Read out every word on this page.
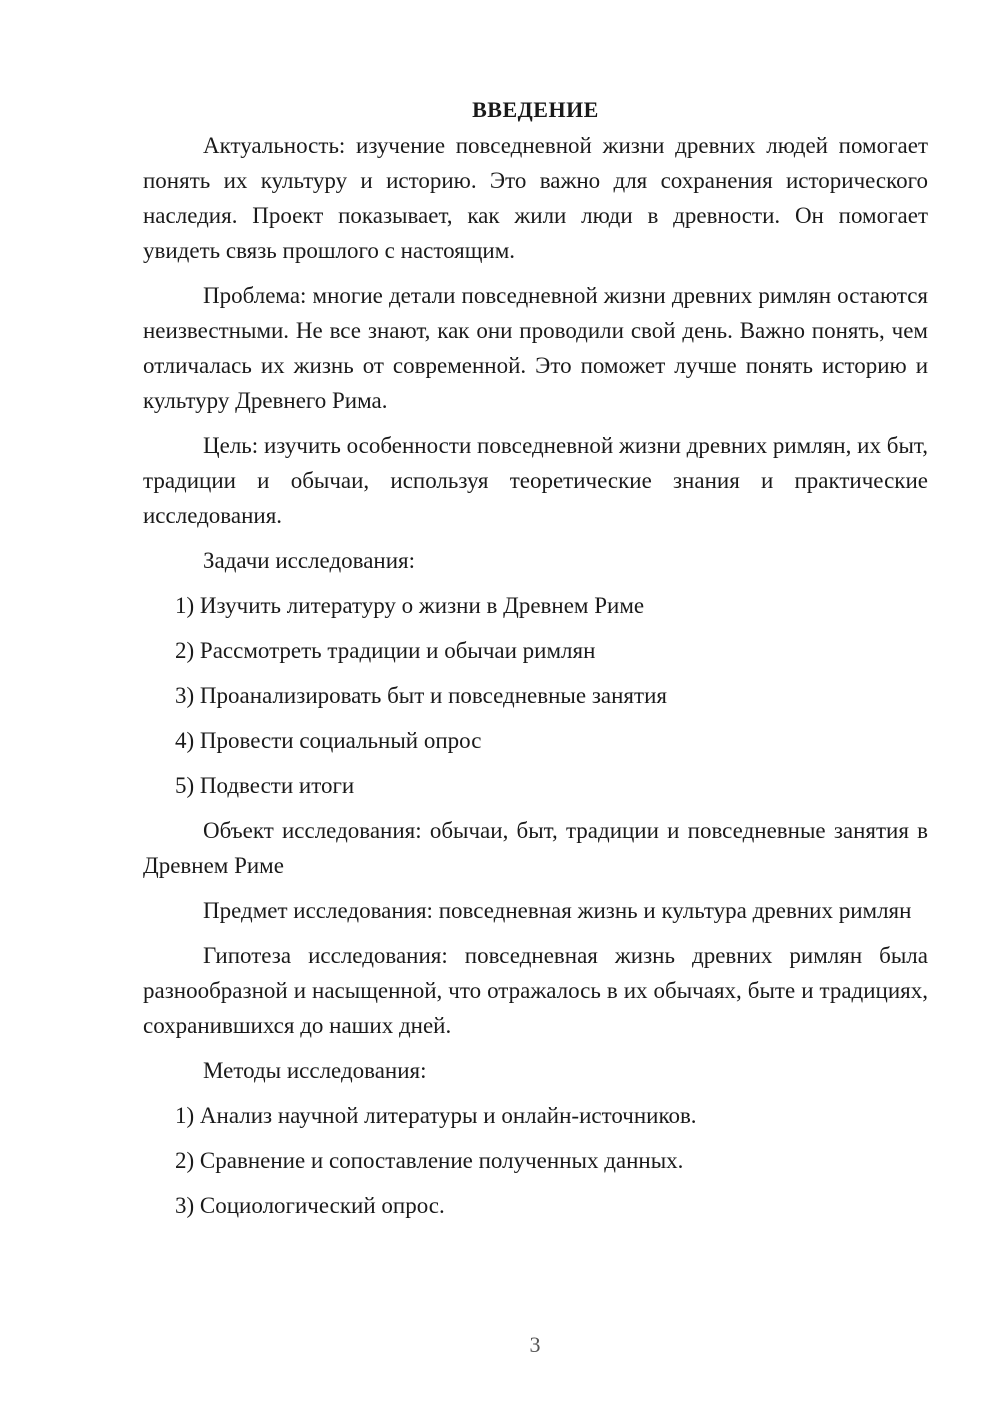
ВВЕДЕНИЕ

Актуальность: изучение повседневной жизни древних людей помогает понять их культуру и историю. Это важно для сохранения исторического наследия. Проект показывает, как жили люди в древности. Он помогает увидеть связь прошлого с настоящим.

Проблема: многие детали повседневной жизни древних римлян остаются неизвестными. Не все знают, как они проводили свой день. Важно понять, чем отличалась их жизнь от современной. Это поможет лучше понять историю и культуру Древнего Рима.

Цель: изучить особенности повседневной жизни древних римлян, их быт, традиции и обычаи, используя теоретические знания и практические исследования.

Задачи исследования:

1) Изучить литературу о жизни в Древнем Риме
2) Рассмотреть традиции и обычаи римлян
3) Проанализировать быт и повседневные занятия
4) Провести социальный опрос
5) Подвести итоги

Объект исследования: обычаи, быт, традиции и повседневные занятия в Древнем Риме

Предмет исследования: повседневная жизнь и культура древних римлян

Гипотеза исследования: повседневная жизнь древних римлян была разнообразной и насыщенной, что отражалось в их обычаях, быте и традициях, сохранившихся до наших дней.

Методы исследования:

1) Анализ научной литературы и онлайн-источников.
2) Сравнение и сопоставление полученных данных.
3) Социологический опрос.
3
